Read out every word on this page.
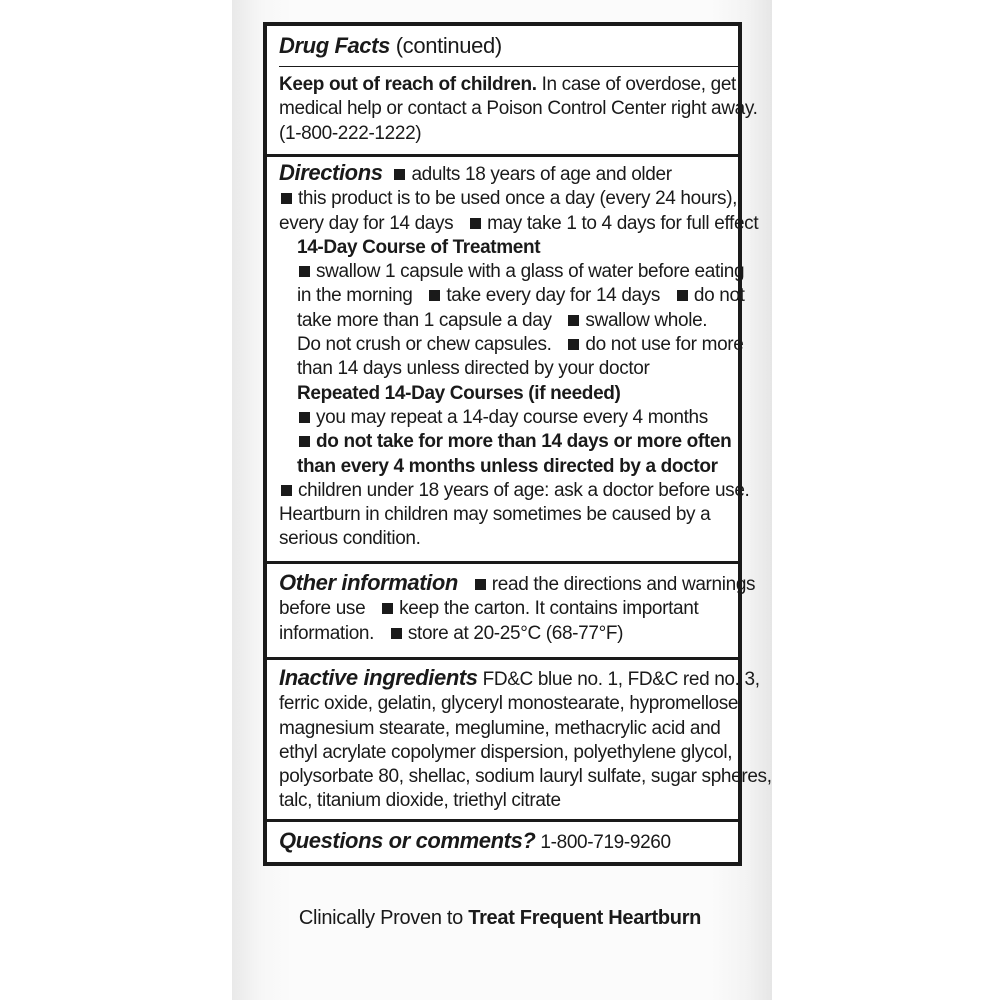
Drug Facts (continued)
Keep out of reach of children. In case of overdose, get
medical help or contact a Poison Control Center right away.
(1-800-222-1222)
Directions adults 18 years of age and older
this product is to be used once a day (every 24 hours),
every day for 14 days may take 1 to 4 days for full effect
14-Day Course of Treatment
swallow 1 capsule with a glass of water before eating
in the morning take every day for 14 days do not
take more than 1 capsule a day swallow whole.
Do not crush or chew capsules. do not use for more
than 14 days unless directed by your doctor
Repeated 14-Day Courses (if needed)
you may repeat a 14-day course every 4 months
do not take for more than 14 days or more often
than every 4 months unless directed by a doctor
children under 18 years of age: ask a doctor before use.
Heartburn in children may sometimes be caused by a
serious condition.
Other information read the directions and warnings
before use keep the carton. It contains important
information. store at 20-25°C (68-77°F)
Inactive ingredients FD&C blue no. 1, FD&C red no. 3,
ferric oxide, gelatin, glyceryl monostearate, hypromellose,
magnesium stearate, meglumine, methacrylic acid and
ethyl acrylate copolymer dispersion, polyethylene glycol,
polysorbate 80, shellac, sodium lauryl sulfate, sugar spheres,
talc, titanium dioxide, triethyl citrate
Questions or comments? 1-800-719-9260
Clinically Proven to Treat Frequent Heartburn
